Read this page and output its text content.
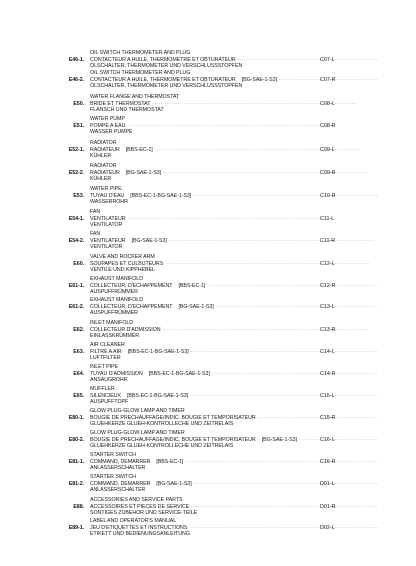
E46-1.
OIL SWITCH THERMOMETER AND PLUG
CONTACTEUR A HUILE, THERMOMETRE ET OBTURATEUR
·····
ÖLSCHALTER, THERMOMETER UND VERSCHLUSSSTOPFEN
C07-L
E46-2.
OIL SWITCH THERMOMETER AND PLUG
CONTACTEUR A HUILE, THERMOMETRE ET OBTURATEUR [BG-SAE-1-S3]
·····
ÖLSCHALTER, THERMOMETER UND VERSCHLUSSSTOPFEN
C07-R
E50.
WATER FLANGE AND THERMOSTAT
BRIDE ET THERMOSTAT
·····
FLANSCH UND THERMOSTAT
C08-L
E51.
WATER PUMP
POMPE A EAU
·····
WASSER PUMPE
C08-R
E52-1.
RADIATOR
RADIATEUR [BBS-EC-1]
·····
KÜHLER
C09-L
E52-2.
RADIATOR
RADIATEUR [BG-SAE-1-S3]
·····
KÜHLER
C09-R
E53.
WATER PIPE
TUYAU D'EAU [BBS-EC-1-BG-SAE-1-S3]
·····
WASSERROHR
C10-R
E54-1.
FAN
VENTILATEUR
·····
VENTILATOR
C11-L
E54-2.
FAN
VENTILATEUR [BG-SAE-1-S3]
·····
VENTILATOR
C11-R
E60.
VALVE AND ROCKER ARM
SOUPAPES ET CULBUTEURS
·····
VENTILE UND KIPPHEBEL
C12-L
E61-1.
EXHAUST MANIFOLD
COLLECTEUR, D'ECHAPPEMENT [BBS-EC-1]
·····
AUSPUFFRÜMMER
C12-R
E61-2.
EXHAUST MANIFOLD
COLLECTEUR, D'ECHAPPEMENT [BG-SAE-1-S3]
·····
AUSPUFFRÜMMER
C13-L
E62.
INLET MANIFOLD
COLLECTEUR D'ADMISSION
·····
EINLASSKRÜMMER
C13-R
E63.
AIR CLEANER
FILTRE A AIR [BBS-EC-1-BG-SAE-1-S3]
·····
LUFTFILTER
C14-L
E64.
INLET PIPE
TUYAU D'ADMISSION [BBS-EC-1-BG-SAE-1-S3]
·····
ANSAUGROHR
C14-R
E65.
MUFFLER
SILENCIEUX [BBS-EC-1-BG-SAE-1-S3]
·····
AUSPUFFTOPF
C15-L
E80-1.
GLOW PLUG-GLOW LAMP AND TIMER
BOUGIE DE PRECHAUFFAGE/INDIC. BOUGIE ET TEMPORISATEUR
·····
GLUEHKERZE GLUEH-KONTROLLECHE UND ZEITRELAIS
C15-R
E80-2.
GLOW PLUG-GLOW LAMP AND TIMER
BOUGIE DE PRECHAUFFAGE/INDIC. BOUGIE ET TEMPORISATEUR [BG-SAE-1-S3]
·····
GLUEHKERZE GLUEH-KONTROLLECHE UND ZEITRELAIS
C16-L
E81-1.
STARTER SWITCH
COMMAND, DEMARRER [BBS-EC-1]
·····
ANLASSERSCHALTER
C16-R
E81-2.
STARTER SWITCH
COMMAND, DEMARRER [BG-SAE-1-S3]
·····
ANLASSERSCHALTER
D01-L
E88.
ACCESSORIES AND SERVICE PARTS
ACCESSOIRES ET PIECES DE SERVICE
·····
SONTIGES ZUBEHOR UND SERVICE-TEILE
D01-R
E89-1.
LABEL AND OPERATOR'S MANUAL
JEU D'ETIQUETTES ET INSTRUCTIONS
·····
ETIKETT UND BEDIENUNGSANLEITUNG
D02-L
